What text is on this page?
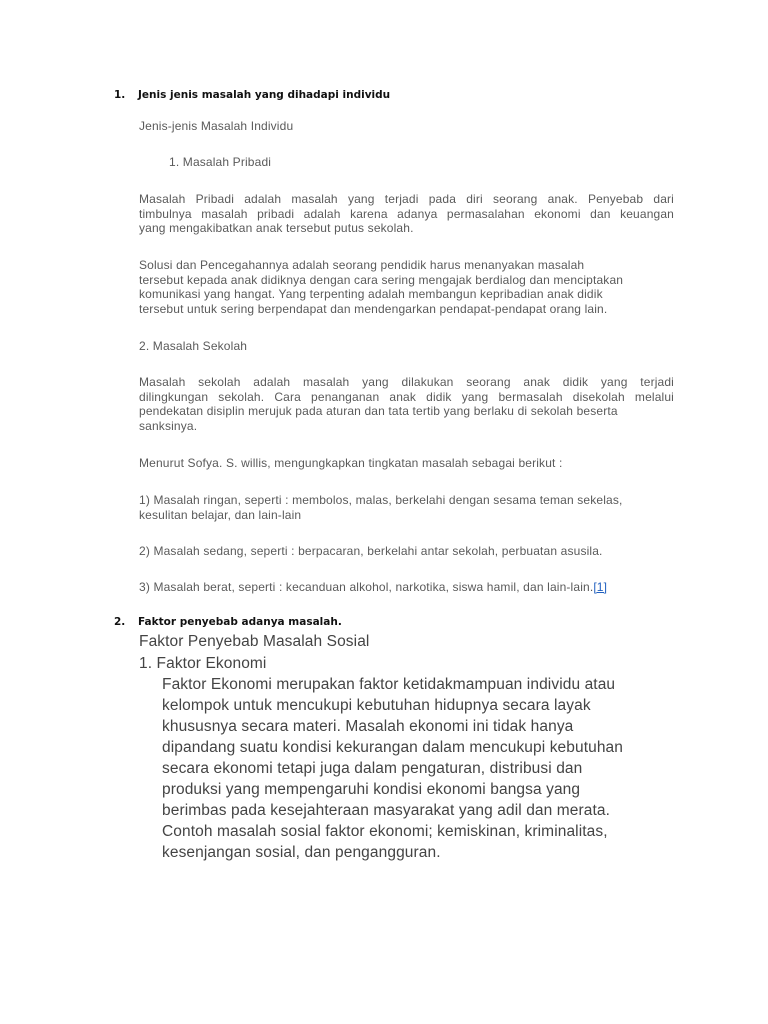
1. Jenis jenis masalah yang dihadapi individu
Jenis-jenis Masalah Individu
1. Masalah Pribadi
Masalah Pribadi adalah masalah yang terjadi pada diri seorang anak. Penyebab dari
timbulnya masalah pribadi adalah karena adanya permasalahan ekonomi dan keuangan
yang mengakibatkan anak tersebut putus sekolah.
Solusi dan Pencegahannya adalah seorang pendidik harus menanyakan masalah
tersebut kepada anak didiknya dengan cara sering mengajak berdialog dan menciptakan
komunikasi yang hangat. Yang terpenting adalah membangun kepribadian anak didik
tersebut untuk sering berpendapat dan mendengarkan pendapat-pendapat orang lain.
2. Masalah Sekolah
Masalah sekolah adalah masalah yang dilakukan seorang anak didik yang terjadi
dilingkungan sekolah. Cara penanganan anak didik yang bermasalah disekolah melalui
pendekatan disiplin merujuk pada aturan dan tata tertib yang berlaku di sekolah beserta
sanksinya.
Menurut Sofya. S. willis, mengungkapkan tingkatan masalah sebagai berikut :
1) Masalah ringan, seperti : membolos, malas, berkelahi dengan sesama teman sekelas,
kesulitan belajar, dan lain-lain
2) Masalah sedang, seperti : berpacaran, berkelahi antar sekolah, perbuatan asusila.
3) Masalah berat, seperti : kecanduan alkohol, narkotika, siswa hamil, dan lain-lain.[1]
2. Faktor penyebab adanya masalah.
Faktor Penyebab Masalah Sosial
1. Faktor Ekonomi
Faktor Ekonomi merupakan faktor ketidakmampuan individu atau
kelompok untuk mencukupi kebutuhan hidupnya secara layak
khususnya secara materi. Masalah ekonomi ini tidak hanya
dipandang suatu kondisi kekurangan dalam mencukupi kebutuhan
secara ekonomi tetapi juga dalam pengaturan, distribusi dan
produksi yang mempengaruhi kondisi ekonomi bangsa yang
berimbas pada kesejahteraan masyarakat yang adil dan merata.
Contoh masalah sosial faktor ekonomi; kemiskinan, kriminalitas,
kesenjangan sosial, dan pengangguran.
